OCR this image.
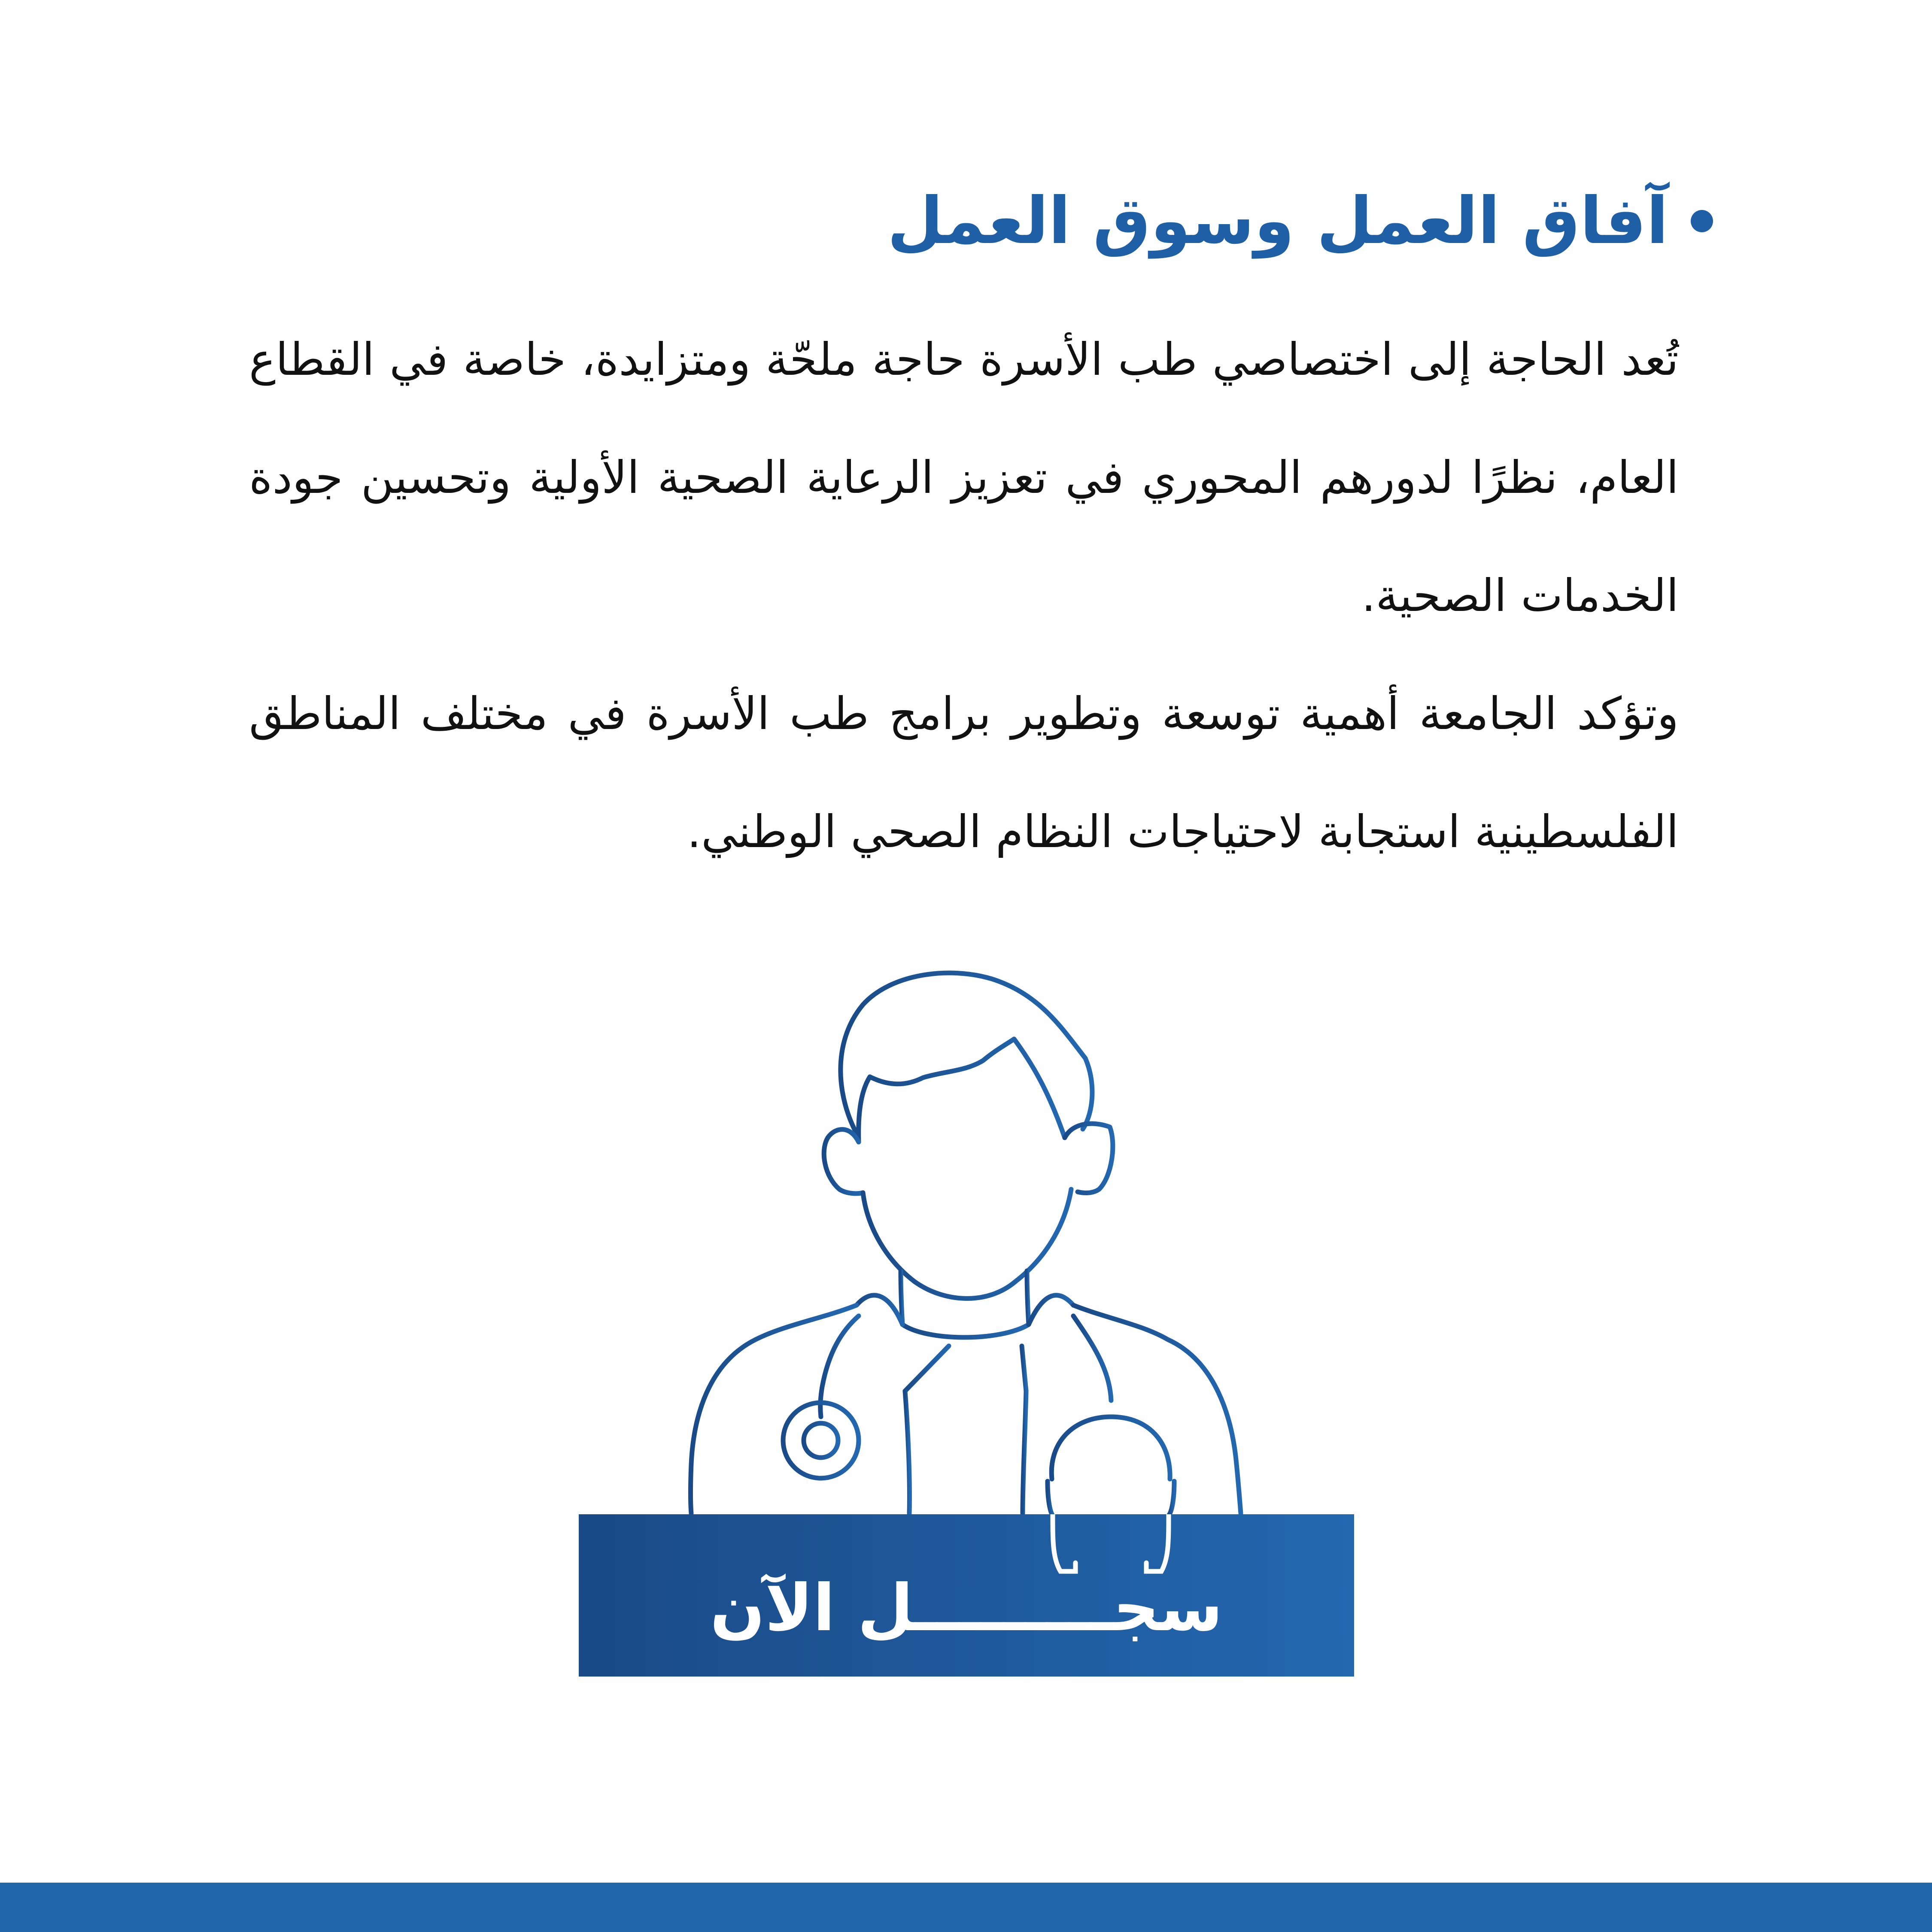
آفاق العمل وسوق العمل

تُعد الحاجة إلى اختصاصي طب الأسرة حاجة ملحّة ومتزايدة، خاصة في القطاع العام، نظرًا لدورهم المحوري في تعزيز الرعاية الصحية الأولية وتحسين جودة الخدمات الصحية.

وتؤكد الجامعة أهمية توسعة وتطوير برامج طب الأسرة في مختلف المناطق الفلسطينية استجابة لاحتياجات النظام الصحي الوطني.

سجـــــــــل الآن
